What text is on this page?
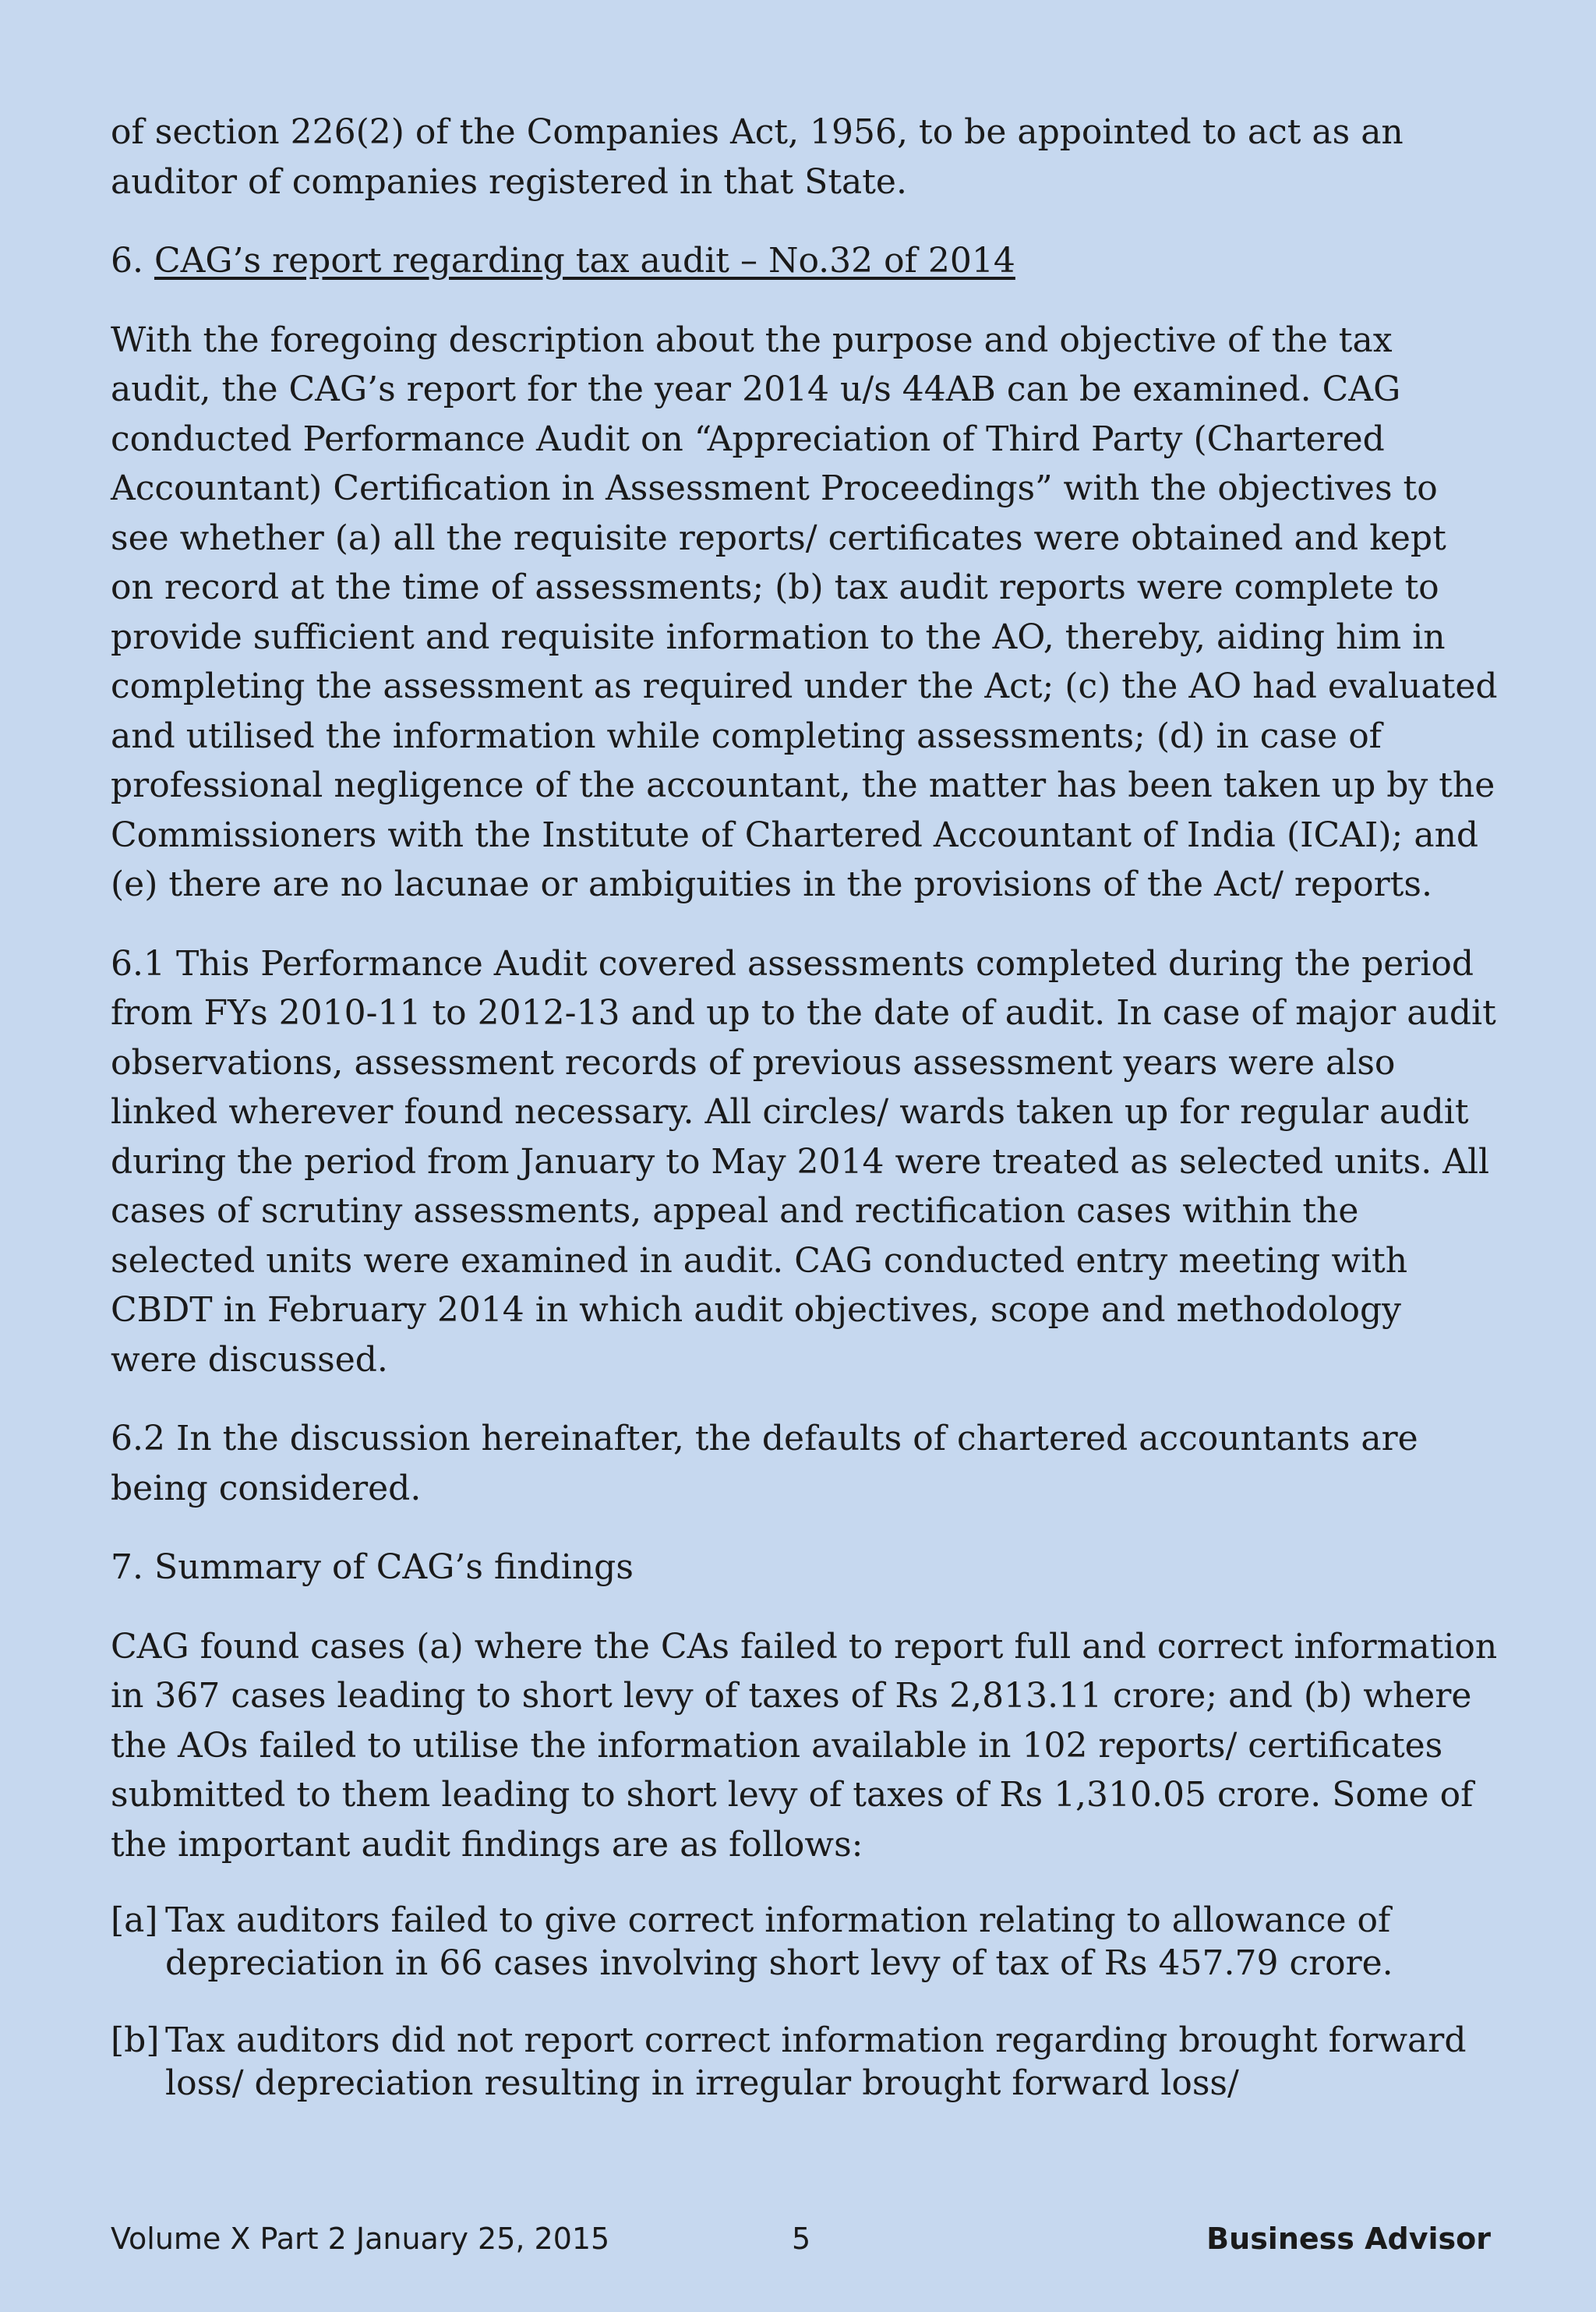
of section 226(2) of the Companies Act, 1956, to be appointed to act as an auditor of companies registered in that State.

6. CAG’s report regarding tax audit – No.32 of 2014

With the foregoing description about the purpose and objective of the tax audit, the CAG’s report for the year 2014 u/s 44AB can be examined. CAG conducted Performance Audit on “Appreciation of Third Party (Chartered Accountant) Certification in Assessment Proceedings” with the objectives to see whether (a) all the requisite reports/ certificates were obtained and kept on record at the time of assessments; (b) tax audit reports were complete to provide sufficient and requisite information to the AO, thereby, aiding him in completing the assessment as required under the Act; (c) the AO had evaluated and utilised the information while completing assessments; (d) in case of professional negligence of the accountant, the matter has been taken up by the Commissioners with the Institute of Chartered Accountant of India (ICAI); and (e) there are no lacunae or ambiguities in the provisions of the Act/ reports.

6.1 This Performance Audit covered assessments completed during the period from FYs 2010-11 to 2012-13 and up to the date of audit. In case of major audit observations, assessment records of previous assessment years were also linked wherever found necessary. All circles/ wards taken up for regular audit during the period from January to May 2014 were treated as selected units. All cases of scrutiny assessments, appeal and rectification cases within the selected units were examined in audit. CAG conducted entry meeting with CBDT in February 2014 in which audit objectives, scope and methodology were discussed.

6.2 In the discussion hereinafter, the defaults of chartered accountants are being considered.

7. Summary of CAG’s findings

CAG found cases (a) where the CAs failed to report full and correct information in 367 cases leading to short levy of taxes of Rs 2,813.11 crore; and (b) where the AOs failed to utilise the information available in 102 reports/ certificates submitted to them leading to short levy of taxes of Rs 1,310.05 crore. Some of the important audit findings are as follows:

[a] Tax auditors failed to give correct information relating to allowance of depreciation in 66 cases involving short levy of tax of Rs 457.79 crore.

[b] Tax auditors did not report correct information regarding brought forward loss/ depreciation resulting in irregular brought forward loss/

Volume X Part 2 January 25, 2015	5	Business Advisor
